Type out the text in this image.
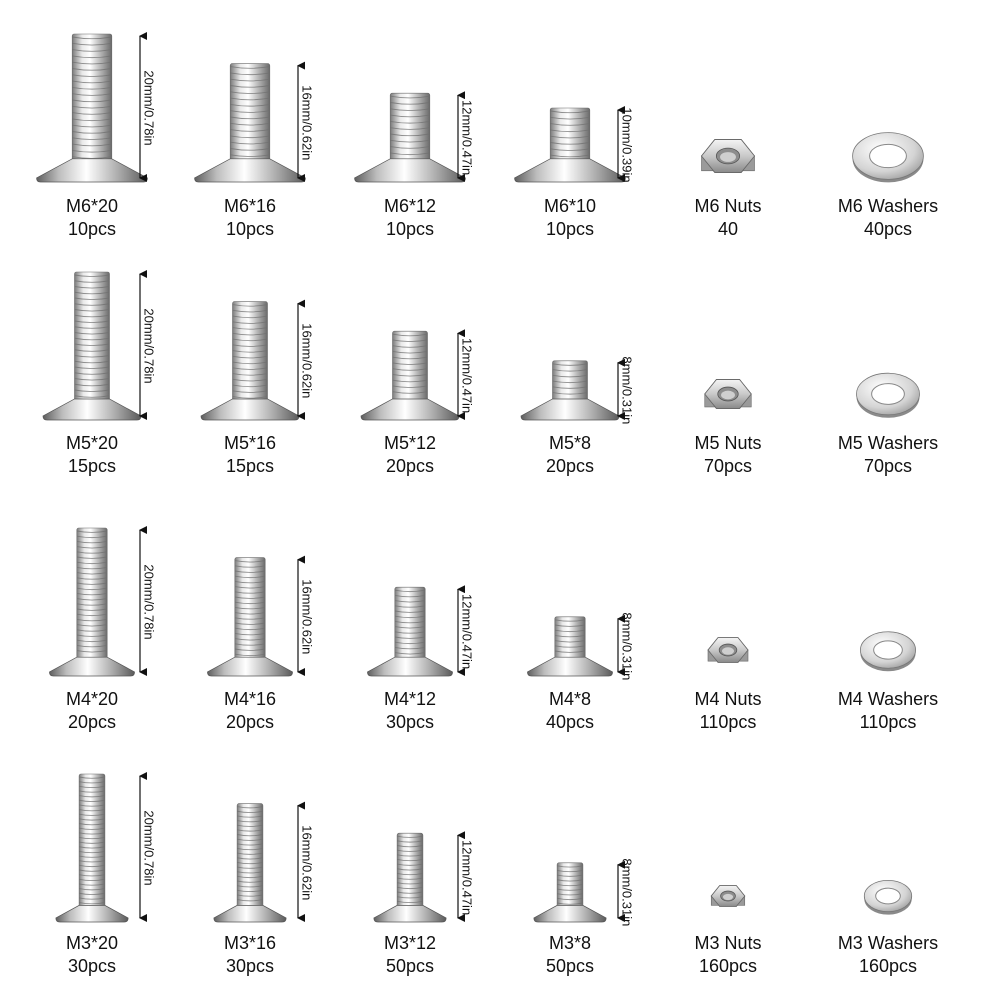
20mm/0.78in	16mm/0.62in	12mm/0.47in	10mm/0.39in
20mm/0.78in	16mm/0.62in	12mm/0.47in	8mm/0.31in
20mm/0.78in	16mm/0.62in	12mm/0.47in	8mm/0.31in
20mm/0.78in	16mm/0.62in	12mm/0.47in	8mm/0.31in
M6*20
10pcs
M6*16
10pcs
M6*12
10pcs
M6*10
10pcs
M6 Nuts
40
M6 Washers
40pcs
M5*20
15pcs
M5*16
15pcs
M5*12
20pcs
M5*8
20pcs
M5 Nuts
70pcs
M5 Washers
70pcs
M4*20
20pcs
M4*16
20pcs
M4*12
30pcs
M4*8
40pcs
M4 Nuts
110pcs
M4 Washers
110pcs
M3*20
30pcs
M3*16
30pcs
M3*12
50pcs
M3*8
50pcs
M3 Nuts
160pcs
M3 Washers
160pcs
